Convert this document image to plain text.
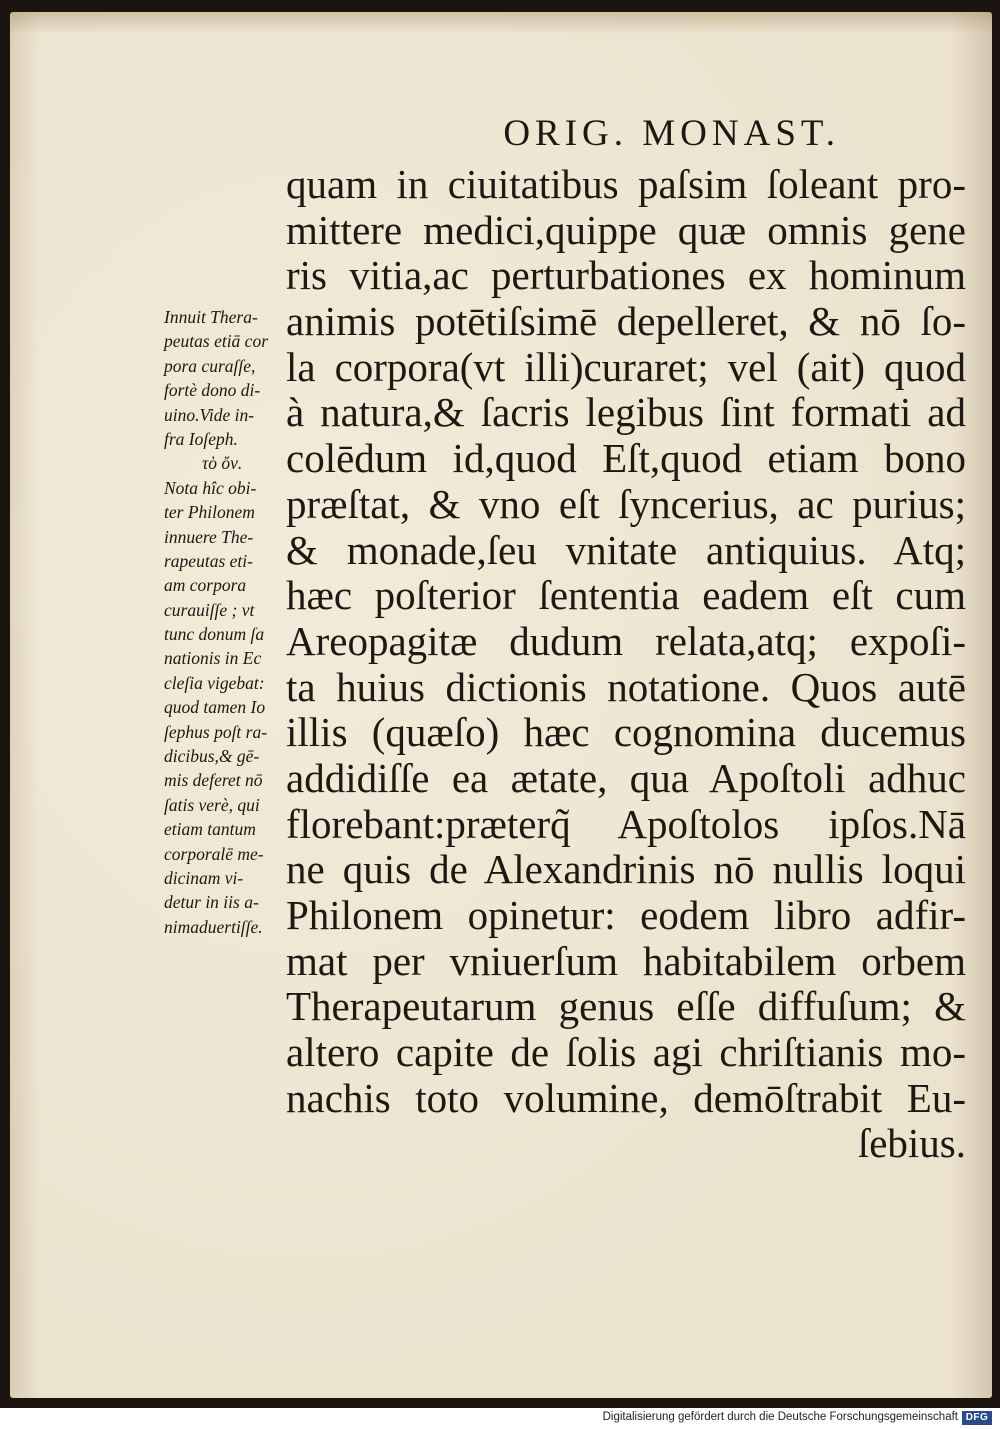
ORIG. MONAST.
Innuit Thera-
peutas etiā cor
pora curaſſe,
fortè dono di-
uino.Vide in-
fra Ioſeph.
τὸ ὄν.
Nota hîc obi-
ter Philonem
innuere The-
rapeutas eti-
am corpora
curauiſſe ; vt
tunc donum ſa
nationis in Ec
cleſia vigebat:
quod tamen Io
ſephus poſt ra-
dicibus,& gē-
mis deferet nō
ſatis verè, qui
etiam tantum
corporalē me-
dicinam vi-
detur in iis a-
nimaduertiſſe.
quam in ciuitatibus paſsim ſoleant pro-
mittere medici,quippe quæ omnis gene
ris vitia,ac perturbationes ex hominum
animis potētiſsimē depelleret, & nō ſo-
la corpora(vt illi)curaret; vel (ait) quod
à natura,& ſacris legibus ſint formati ad
colēdum id,quod Eſt,quod etiam bono
præſtat, & vno eſt ſyncerius, ac purius;
& monade,ſeu vnitate antiquius. Atq;
hæc poſterior ſententia eadem eſt cum
Areopagitæ dudum relata,atq; expoſi-
ta huius dictionis notatione. Quos autē
illis (quæſo) hæc cognomina ducemus
addidiſſe ea ætate, qua Apoſtoli adhuc
florebant:præterq̃ Apoſtolos ipſos.Nā
ne quis de Alexandrinis nō nullis loqui
Philonem opinetur: eodem libro adfir-
mat per vniuerſum habitabilem orbem
Therapeutarum genus eſſe diffuſum; &
altero capite de ſolis agi chriſtianis mo-
nachis toto volumine, demōſtrabit Eu-
ſebius.
Digitalisierung gefördert durch die Deutsche Forschungsgemeinschaft DFG
